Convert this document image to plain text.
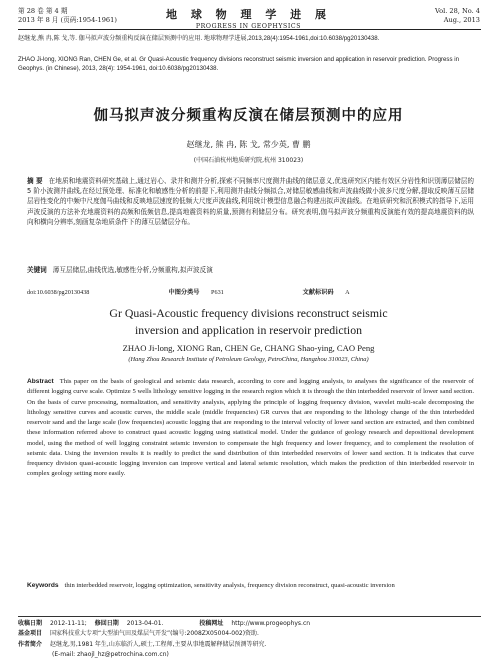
第 28 卷 第 4 期
2013 年 8 月 (页码:1954-1961)	地 球 物 理 学 进 展
PROGRESS IN GEOPHYSICS
Vol. 28, No. 4
Aug., 2013
赵继龙,熊 冉,陈 戈,等. 伽马拟声波分频重构反演在储层预测中的应用. 地球物理学进展,2013,28(4):1954-1961,doi:10.6038/pg20130438.
ZHAO Ji-long, XIONG Ran, CHEN Ge, et al. Gr Quasi-Acoustic frequency divisions reconstruct seismic inversion and application in reservoir prediction. Progress in Geophys. (in Chinese), 2013, 28(4): 1954-1961, doi:10.6038/pg20130438.
伽马拟声波分频重构反演在储层预测中的应用
赵继龙, 熊 冉, 陈 戈, 常少英, 曹 鹏
(中国石油杭州地质研究院,杭州 310023)
摘 要 在地质和地震资料研究基础上,通过岩心、录井和测井分析,探索不同频率尺度测井曲线的储层意义,优选研究区内能有效区分岩性和识别薄层储层的 5 阶小波测井曲线,在经过预处理、标准化和敏感性分析的前提下,利用测井曲线分频拟合,对储层敏感曲线和声波曲线做小波多尺度分解,提取反映薄互层储层岩性变化的中频中尺度伽马曲线和反映地层速度的低频大尺度声波曲线,利用统计模型信息融合构建出拟声波曲线。在地质研究和沉积模式的指导下,运用声波反演的方法补充地震资料的高频和低频信息,提高地震资料的质量,预测有利储层分布。研究表明,伽马拟声波分频重构反演能有效的提高地震资料的纵向和横向分辨率,刻画复杂地质条件下的薄互层储层分布。
关键词 薄互层储层,曲线优选,敏感性分析,分频重构,拟声波反演
doi:10.6038/pg20130438	中图分类号 P631	文献标识码 A
Gr Quasi-Acoustic frequency divisions reconstruct seismic
inversion and application in reservoir prediction
ZHAO Ji-long, XIONG Ran, CHEN Ge, CHANG Shao-ying, CAO Peng
(Hang Zhou Research Institute of Petroleum Geology, PetroChina, Hangzhou 310023, China)
Abstract This paper on the basis of geological and seismic data research, according to core and logging analysis, to analyses the significance of the reservoir of different logging curve scale. Optimize 5 wells lithology sensitive logging in the research region which it is through the thin interbedded reservoir of lower sand section. On the basis of curve processing, normalization, and sensitivity analysis, applying the principle of logging frequency division, wavelet multi-scale decomposing the lithology sensitive curves and acoustic curves, the middle scale (middle frequencies) GR curves that are responding to the lithology change of the thin interbedded reservoir sand and the large scale (low frequencies) acoustic logging that are responding to the interval velocity of lower sand section are extracted, and then combined these information referred above to construct quasi acoustic logging using statistical model. Under the guidance of geology research and depositional development model, using the method of well logging constraint seismic inversion to compensate the high frequency and lower frequency, and to complement the resolution of seismic data. Using the inversion results it is readily to predict the sand distribution of thin interbedded reservoirs of lower sand section. It is indicates that curve frequency division quasi-acoustic logging inversion can improve vertical and lateral seismic resolution, which makes the prediction of thin interbedded reservoir in complex geology setting more easily.
Keywords thin interbedded reservoir, logging optimization, sensitivity analysis, frequency division reconstruct, quasi-acoustic inversion
收稿日期 2012-11-11; 修回日期 2013-04-01.	投稿网址 http://www.progeophys.cn
基金项目 国家科技重大专项“大型油气田及煤层气开发”(编号:2008ZX05004-002)资助.
作者简介 赵继龙,男,1981 年生,山东临沂人,硕士,工程师,主要从事地震解释储层预测等研究.
(E-mail: zhaojl_hz@petrochina.com.cn)
